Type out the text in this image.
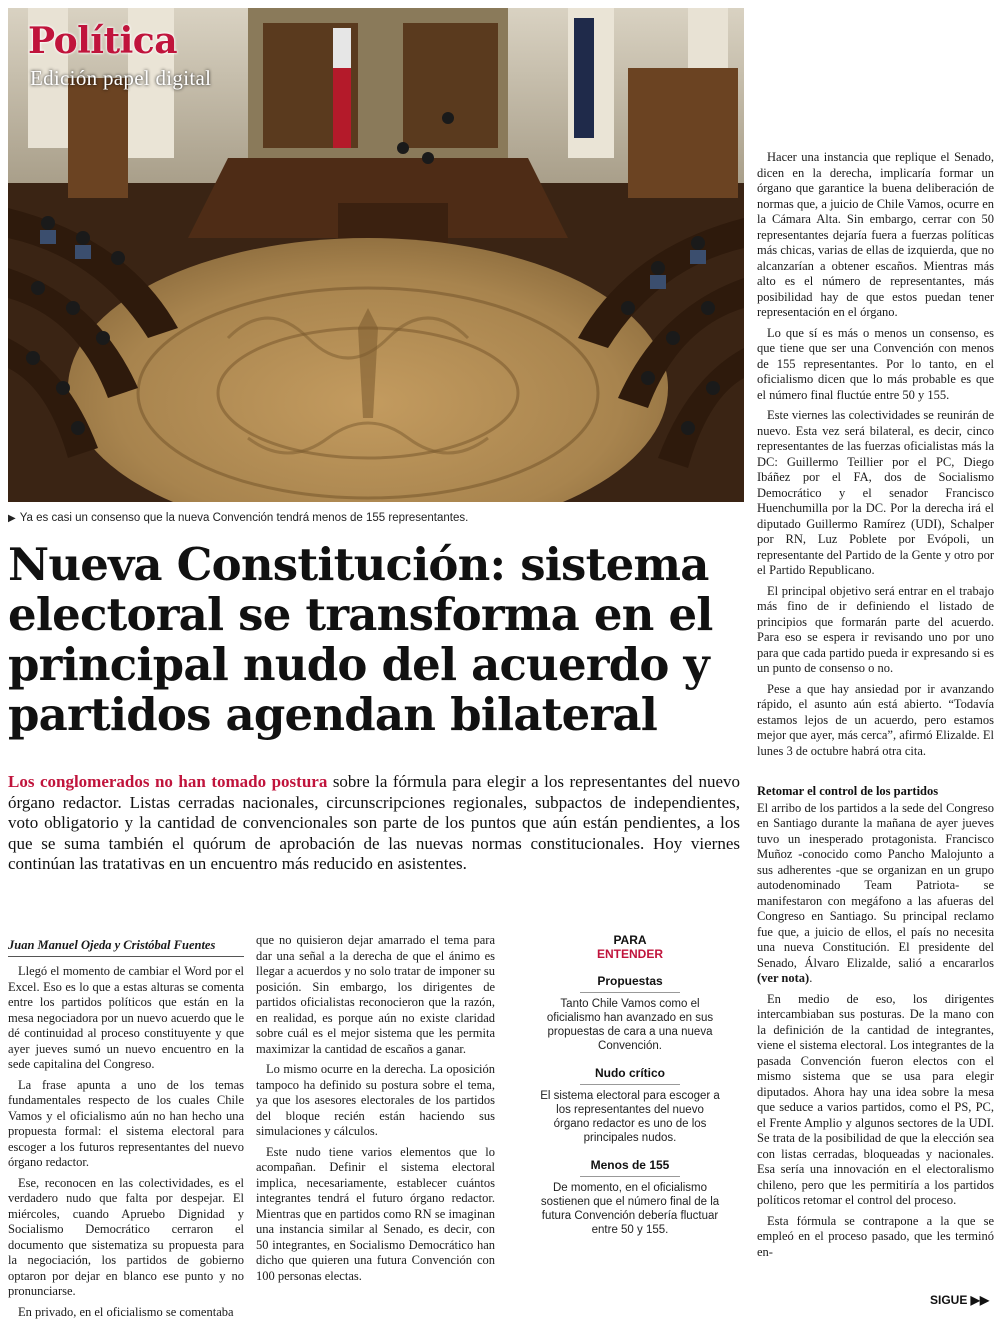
Política
Edición papel digital
▶ Ya es casi un consenso que la nueva Convención tendrá menos de 155 representantes.
Nueva Constitución: sistema electoral se transforma en el principal nudo del acuerdo y partidos agendan bilateral

Los conglomerados no han tomado postura sobre la fórmula para elegir a los representantes del nuevo órgano redactor. Listas cerradas nacionales, circunscripciones regionales, subpactos de independientes, voto obligatorio y la cantidad de convencionales son parte de los puntos que aún están pendientes, a los que se suma también el quórum de aprobación de las nuevas normas constitucionales. Hoy viernes continúan las tratativas en un encuentro más reducido en asistentes.

Juan Manuel Ojeda y Cristóbal Fuentes

Llegó el momento de cambiar el Word por el Excel. Eso es lo que a estas alturas se comenta entre los partidos políticos que están en la mesa negociadora por un nuevo acuerdo que le dé continuidad al proceso constituyente y que ayer jueves sumó un nuevo encuentro en la sede capitalina del Congreso.

La frase apunta a uno de los temas fundamentales respecto de los cuales Chile Vamos y el oficialismo aún no han hecho una propuesta formal: el sistema electoral para escoger a los futuros representantes del nuevo órgano redactor.

Ese, reconocen en las colectividades, es el verdadero nudo que falta por despejar. El miércoles, cuando Apruebo Dignidad y Socialismo Democrático cerraron el documento que sistematiza su propuesta para la negociación, los partidos de gobierno optaron por dejar en blanco ese punto y no pronunciarse.

En privado, en el oficialismo se comentaba

que no quisieron dejar amarrado el tema para dar una señal a la derecha de que el ánimo es llegar a acuerdos y no solo tratar de imponer su posición. Sin embargo, los dirigentes de partidos oficialistas reconocieron que la razón, en realidad, es porque aún no existe claridad sobre cuál es el mejor sistema que les permita maximizar la cantidad de escaños a ganar.

Lo mismo ocurre en la derecha. La oposición tampoco ha definido su postura sobre el tema, ya que los asesores electorales de los partidos del bloque recién están haciendo sus simulaciones y cálculos.

Este nudo tiene varios elementos que lo acompañan. Definir el sistema electoral implica, necesariamente, establecer cuántos integrantes tendrá el futuro órgano redactor. Mientras que en partidos como RN se imaginan una instancia similar al Senado, es decir, con 50 integrantes, en Socialismo Democrático han dicho que quieren una futura Convención con 100 personas electas.

PARA
ENTENDER
Propuestas
Tanto Chile Vamos como el oficialismo han avanzado en sus propuestas de cara a una nueva Convención.
Nudo crítico
El sistema electoral para escoger a los representantes del nuevo órgano redactor es uno de los principales nudos.
Menos de 155
De momento, en el oficialismo sostienen que el número final de la futura Convención debería fluctuar entre 50 y 155.

Hacer una instancia que replique el Senado, dicen en la derecha, implicaría formar un órgano que garantice la buena deliberación de normas que, a juicio de Chile Vamos, ocurre en la Cámara Alta. Sin embargo, cerrar con 50 representantes dejaría fuera a fuerzas políticas más chicas, varias de ellas de izquierda, que no alcanzarían a obtener escaños. Mientras más alto es el número de representantes, más posibilidad hay de que estos puedan tener representación en el órgano.

Lo que sí es más o menos un consenso, es que tiene que ser una Convención con menos de 155 representantes. Por lo tanto, en el oficialismo dicen que lo más probable es que el número final fluctúe entre 50 y 155.

Este viernes las colectividades se reunirán de nuevo. Esta vez será bilateral, es decir, cinco representantes de las fuerzas oficialistas más la DC: Guillermo Teillier por el PC, Diego Ibáñez por el FA, dos de Socialismo Democrático y el senador Francisco Huenchumilla por la DC. Por la derecha irá el diputado Guillermo Ramírez (UDI), Schalper por RN, Luz Poblete por Evópoli, un representante del Partido de la Gente y otro por el Partido Republicano.

El principal objetivo será entrar en el trabajo más fino de ir definiendo el listado de principios que formarán parte del acuerdo. Para eso se espera ir revisando uno por uno para que cada partido pueda ir expresando si es un punto de consenso o no.

Pese a que hay ansiedad por ir avanzando rápido, el asunto aún está abierto. “Todavía estamos lejos de un acuerdo, pero estamos mejor que ayer, más cerca”, afirmó Elizalde. El lunes 3 de octubre habrá otra cita.

Retomar el control de los partidos

El arribo de los partidos a la sede del Congreso en Santiago durante la mañana de ayer jueves tuvo un inesperado protagonista. Francisco Muñoz -conocido como Pancho Malojunto a sus adherentes -que se organizan en un grupo autodenominado Team Patriota- se manifestaron con megáfono a las afueras del Congreso en Santiago. Su principal reclamo fue que, a juicio de ellos, el país no necesita una nueva Constitución. El presidente del Senado, Álvaro Elizalde, salió a encararlos (ver nota).

En medio de eso, los dirigentes intercambiaban sus posturas. De la mano con la definición de la cantidad de integrantes, viene el sistema electoral. Los integrantes de la pasada Convención fueron electos con el mismo sistema que se usa para elegir diputados. Ahora hay una idea sobre la mesa que seduce a varios partidos, como el PS, PC, el Frente Amplio y algunos sectores de la UDI. Se trata de la posibilidad de que la elección sea con listas cerradas, bloqueadas y nacionales. Esa sería una innovación en el electoralismo chileno, pero que les permitiría a los partidos políticos retomar el control del proceso.

Esta fórmula se contrapone a la que se empleó en el proceso pasado, que les terminó en-

SIGUE ▶▶
